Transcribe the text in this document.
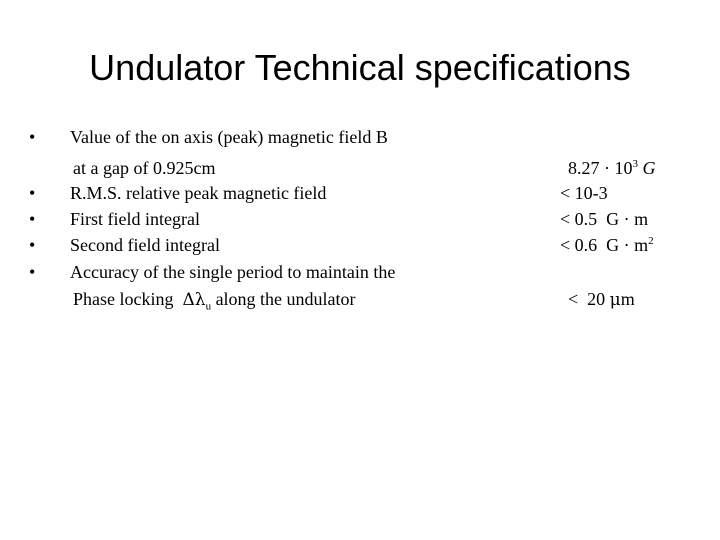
Undulator Technical specifications
• Value of the on axis (peak) magnetic field B
at a gap of 0.925cm	$8.27 \cdot 10^3$ G
• R.M.S. relative peak magnetic field	< 10-3
• First field integral	< 0.5  G · m
• Second field integral	< 0.6  $G \cdot m^2$
• Accuracy of the single period to maintain the
Phase locking $\Delta\lambda_u$ along the undulator	<  20 μm
